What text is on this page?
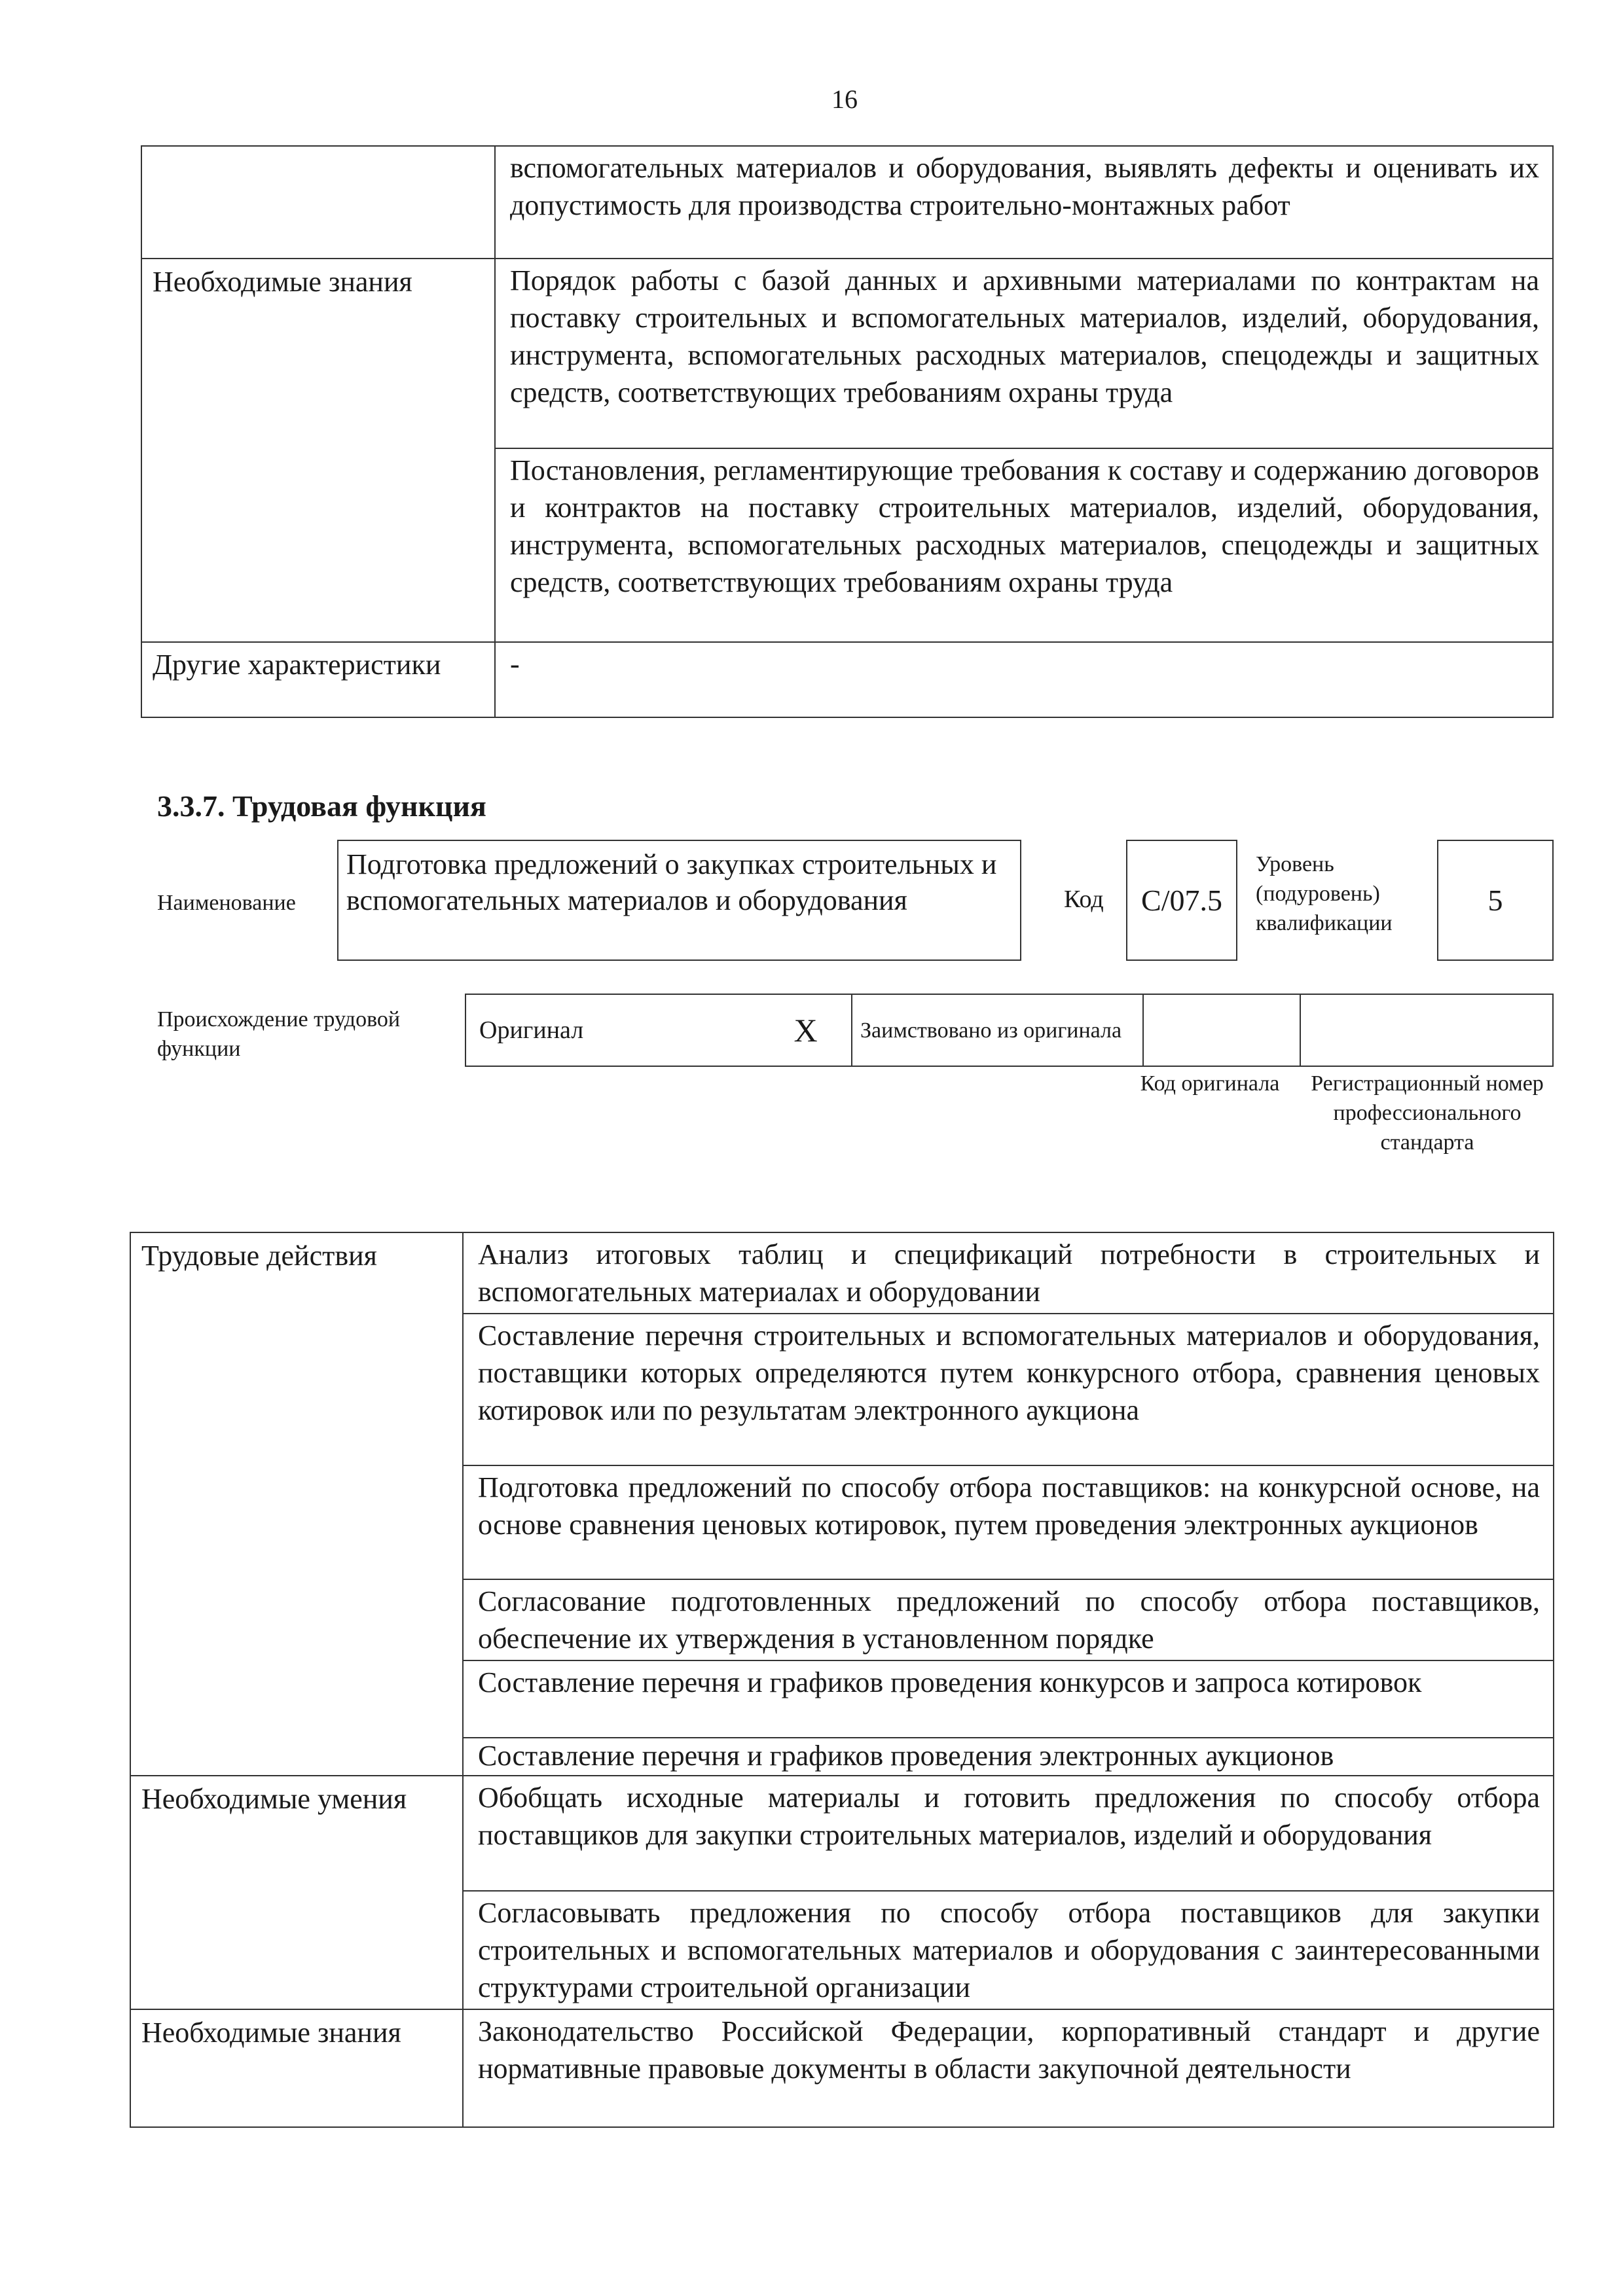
16
	вспомогательных материалов и оборудования, выявлять дефекты и оценивать их допустимость для производства строительно-монтажных работ
Необходимые знания	Порядок работы с базой данных и архивными материалами по контрактам на поставку строительных и вспомогательных материалов, изделий, оборудования, инструмента, вспомогательных расходных материалов, спецодежды и защитных средств, соответствующих требованиям охраны труда
	Постановления, регламентирующие требования к составу и содержанию договоров и контрактов на поставку строительных материалов, изделий, оборудования, инструмента, вспомогательных расходных материалов, спецодежды и защитных средств, соответствующих требованиям охраны труда
Другие характеристики	-
3.3.7. Трудовая функция
Наименование
Подготовка предложений о закупках строительных и вспомогательных материалов и оборудования	Код	C/07.5
Уровень (подуровень) квалификации
5
Происхождение трудовой функции
Оригинал	X	Заимствовано из оригинала		
Код оригинала	Регистрационный номер профессионального стандарта
Трудовые действия	Анализ итоговых таблиц и спецификаций потребности в строительных и вспомогательных материалах и оборудовании
	Составление перечня строительных и вспомогательных материалов и оборудования, поставщики которых определяются путем конкурсного отбора, сравнения ценовых котировок или по результатам электронного аукциона
	Подготовка предложений по способу отбора поставщиков: на конкурсной основе, на основе сравнения ценовых котировок, путем проведения электронных аукционов
	Согласование подготовленных предложений по способу отбора поставщиков, обеспечение их утверждения в установленном порядке
	Составление перечня и графиков проведения конкурсов и запроса котировок
	Составление перечня и графиков проведения электронных аукционов
Необходимые умения	Обобщать исходные материалы и готовить предложения по способу отбора поставщиков для закупки строительных материалов, изделий и оборудования
	Согласовывать предложения по способу отбора поставщиков для закупки строительных и вспомогательных материалов и оборудования с заинтересованными структурами строительной организации
Необходимые знания	Законодательство Российской Федерации, корпоративный стандарт и другие нормативные правовые документы в области закупочной деятельности
